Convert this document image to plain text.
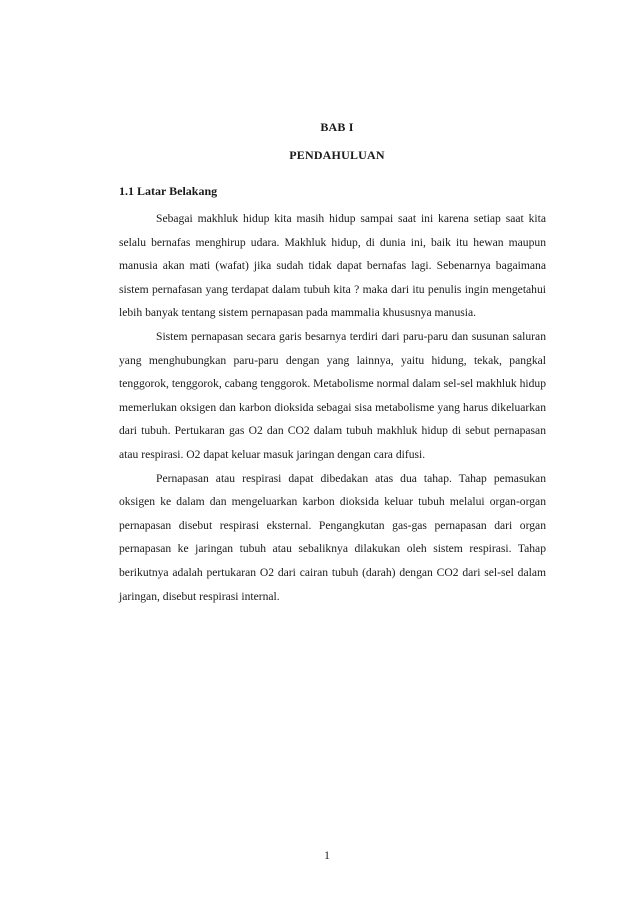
BAB I
PENDAHULUAN
1.1 Latar Belakang

Sebagai makhluk hidup kita masih hidup sampai saat ini karena setiap saat kita selalu bernafas menghirup udara. Makhluk hidup, di dunia ini, baik itu hewan maupun manusia akan mati (wafat) jika sudah tidak dapat bernafas lagi. Sebenarnya bagaimana sistem pernafasan yang terdapat dalam tubuh kita ? maka dari itu penulis ingin mengetahui lebih banyak tentang sistem pernapasan pada mammalia khususnya manusia.

Sistem pernapasan secara garis besarnya terdiri dari paru-paru dan susunan saluran yang menghubungkan paru-paru dengan yang lainnya, yaitu hidung, tekak, pangkal tenggorok, tenggorok, cabang tenggorok. Metabolisme normal dalam sel-sel makhluk hidup memerlukan oksigen dan karbon dioksida sebagai sisa metabolisme yang harus dikeluarkan dari tubuh. Pertukaran gas O2 dan CO2 dalam tubuh makhluk hidup di sebut pernapasan atau respirasi. O2 dapat keluar masuk jaringan dengan cara difusi.

Pernapasan atau respirasi dapat dibedakan atas dua tahap. Tahap pemasukan oksigen ke dalam dan mengeluarkan karbon dioksida keluar tubuh melalui organ-organ pernapasan disebut respirasi eksternal. Pengangkutan gas-gas pernapasan dari organ pernapasan ke jaringan tubuh atau sebaliknya dilakukan oleh sistem respirasi. Tahap berikutnya adalah pertukaran O2 dari cairan tubuh (darah) dengan CO2 dari sel-sel dalam jaringan, disebut respirasi internal.

1
